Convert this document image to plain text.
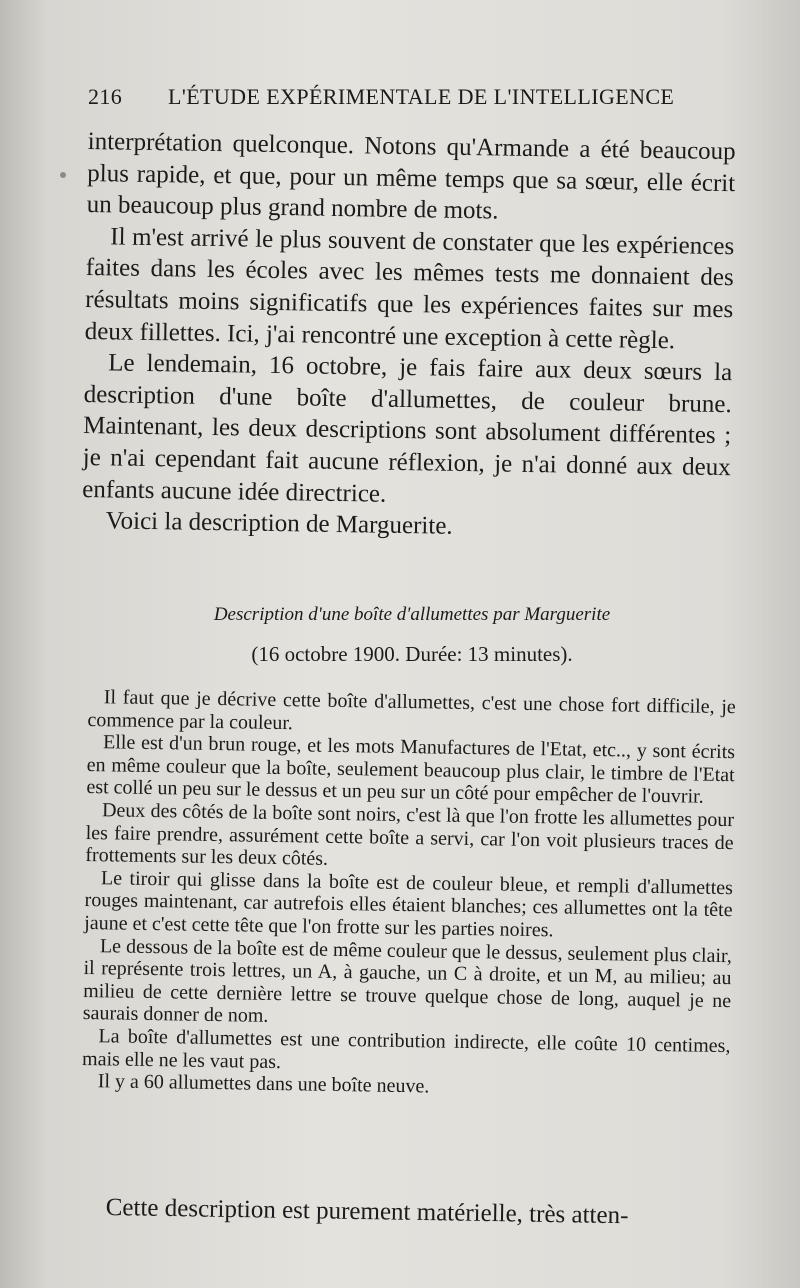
216 L'ÉTUDE EXPÉRIMENTALE DE L'INTELLIGENCE

interprétation quelconque. Notons qu'Armande a été beaucoup plus rapide, et que, pour un même temps que sa sœur, elle écrit un beaucoup plus grand nombre de mots.

Il m'est arrivé le plus souvent de constater que les expériences faites dans les écoles avec les mêmes tests me donnaient des résultats moins significatifs que les expériences faites sur mes deux fillettes. Ici, j'ai rencontré une exception à cette règle.

Le lendemain, 16 octobre, je fais faire aux deux sœurs la description d'une boîte d'allumettes, de couleur brune. Maintenant, les deux descriptions sont absolument différentes ; je n'ai cependant fait aucune réflexion, je n'ai donné aux deux enfants aucune idée directrice.

Voici la description de Marguerite.

Description d'une boîte d'allumettes par Marguerite
(16 octobre 1900. Durée: 13 minutes).

Il faut que je décrive cette boîte d'allumettes, c'est une chose fort difficile, je commence par la couleur.

Elle est d'un brun rouge, et les mots Manufactures de l'Etat, etc.., y sont écrits en même couleur que la boîte, seulement beaucoup plus clair, le timbre de l'Etat est collé un peu sur le dessus et un peu sur un côté pour empêcher de l'ouvrir.

Deux des côtés de la boîte sont noirs, c'est là que l'on frotte les allumettes pour les faire prendre, assurément cette boîte a servi, car l'on voit plusieurs traces de frottements sur les deux côtés.

Le tiroir qui glisse dans la boîte est de couleur bleue, et rempli d'allumettes rouges maintenant, car autrefois elles étaient blanches; ces allumettes ont la tête jaune et c'est cette tête que l'on frotte sur les parties noires.

Le dessous de la boîte est de même couleur que le dessus, seulement plus clair, il représente trois lettres, un A, à gauche, un C à droite, et un M, au milieu; au milieu de cette dernière lettre se trouve quelque chose de long, auquel je ne saurais donner de nom.

La boîte d'allumettes est une contribution indirecte, elle coûte 10 centimes, mais elle ne les vaut pas.

Il y a 60 allumettes dans une boîte neuve.

Cette description est purement matérielle, très atten-
